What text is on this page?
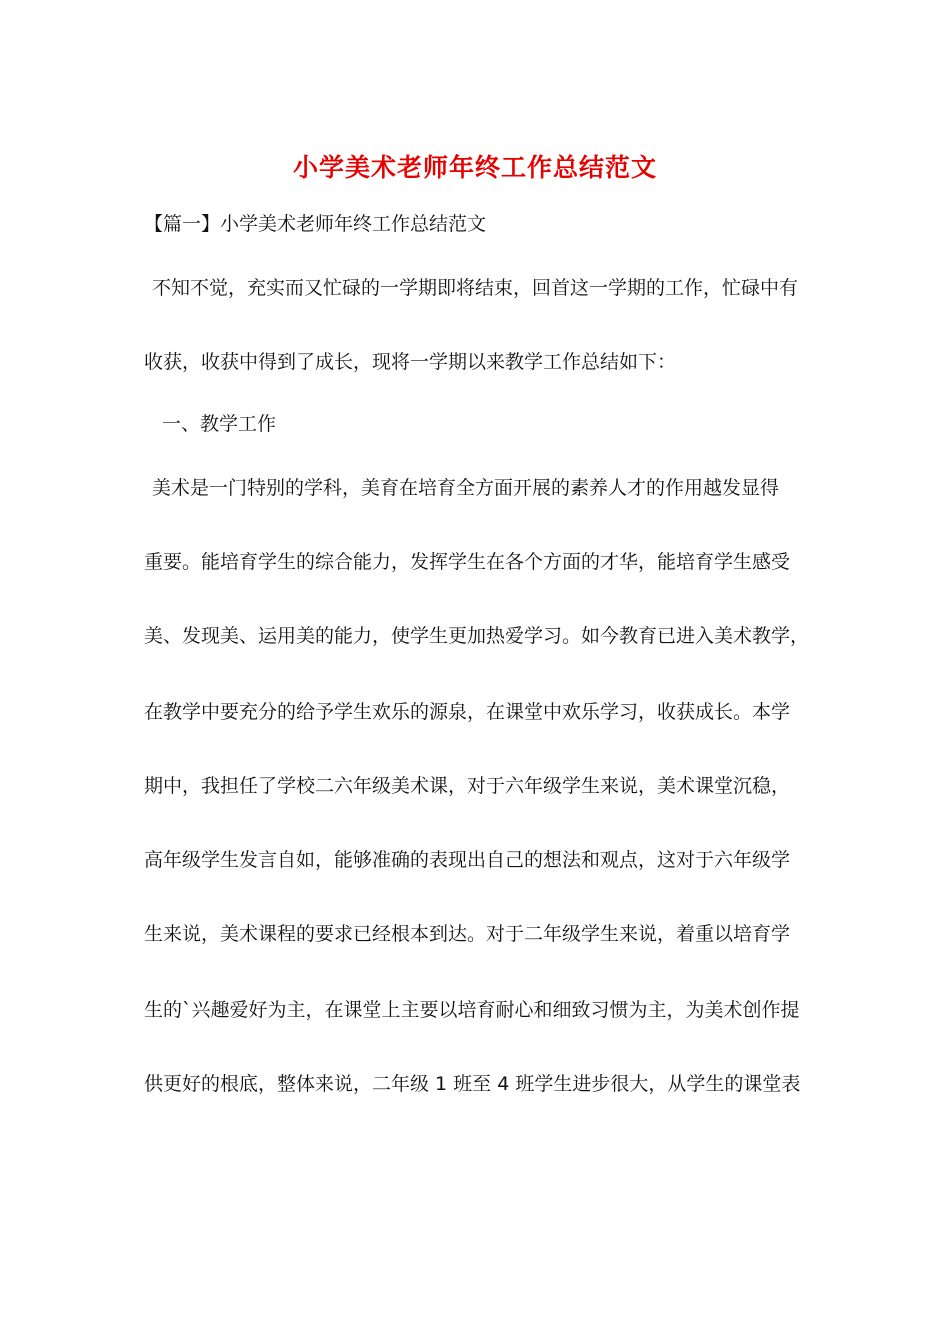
小学美术老师年终工作总结范文
【篇一】小学美术老师年终工作总结范文
不知不觉，充实而又忙碌的一学期即将结束，回首这一学期的工作，忙碌中有
收获，收获中得到了成长，现将一学期以来教学工作总结如下：
一、教学工作
美术是一门特别的学科，美育在培育全方面开展的素养人才的作用越发显得
重要。能培育学生的综合能力，发挥学生在各个方面的才华，能培育学生感受
美、发现美、运用美的能力，使学生更加热爱学习。如今教育已进入美术教学，
在教学中要充分的给予学生欢乐的源泉，在课堂中欢乐学习，收获成长。本学
期中，我担任了学校二六年级美术课，对于六年级学生来说，美术课堂沉稳，
高年级学生发言自如，能够准确的表现出自己的想法和观点，这对于六年级学
生来说，美术课程的要求已经根本到达。对于二年级学生来说，着重以培育学
生的`兴趣爱好为主，在课堂上主要以培育耐心和细致习惯为主，为美术创作提
供更好的根底，整体来说，二年级 1 班至 4 班学生进步很大，从学生的课堂表
